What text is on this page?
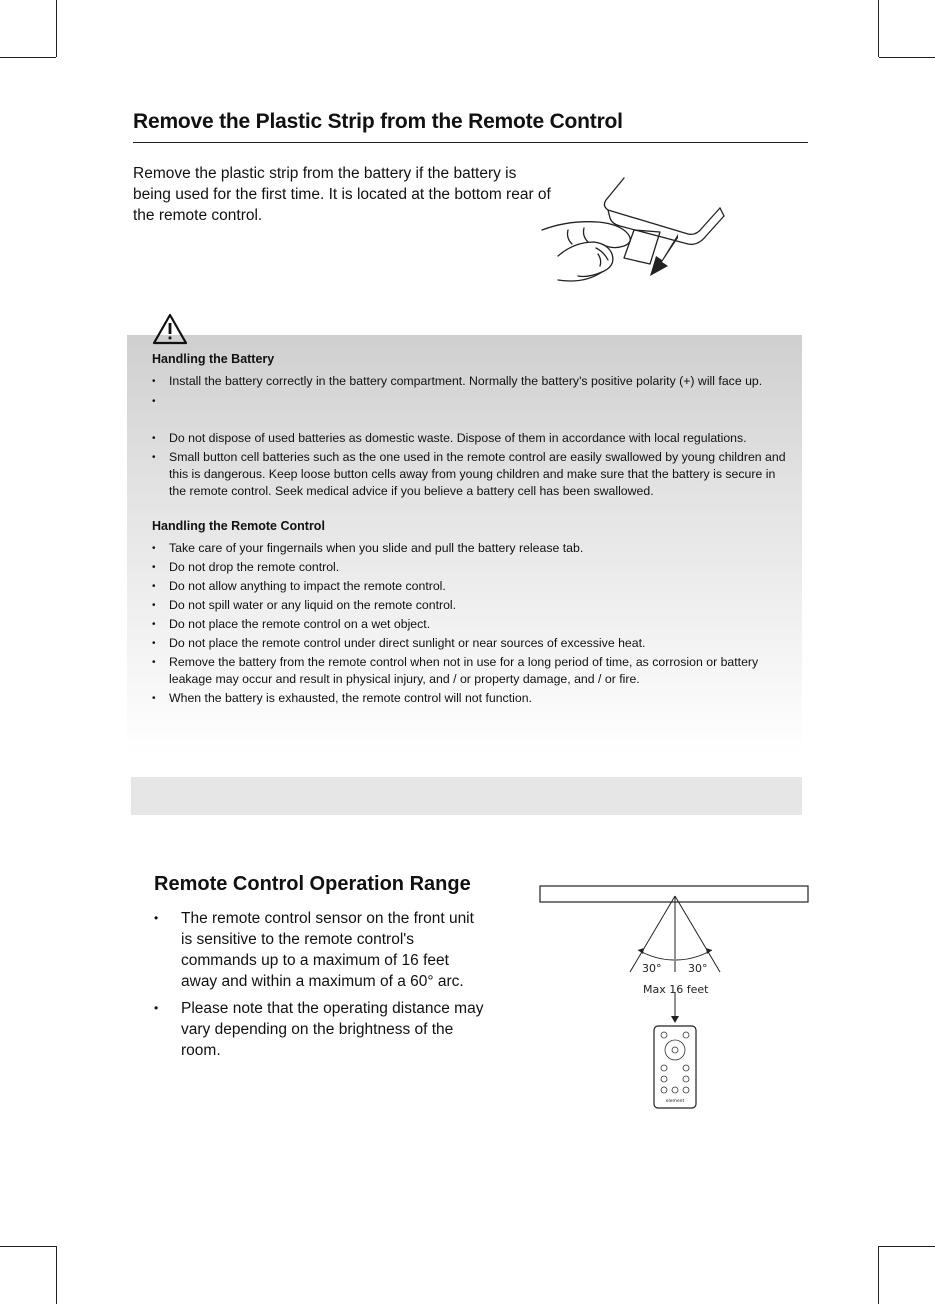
Remove the Plastic Strip from the Remote Control
Remove the plastic strip from the battery if the battery is being used for the first time. It is located at the bottom rear of the remote control.
Handling the Battery
• Install the battery correctly in the battery compartment. Normally the battery's positive polarity (+) will face up.
•
• Do not dispose of used batteries as domestic waste. Dispose of them in accordance with local regulations.
• Small button cell batteries such as the one used in the remote control are easily swallowed by young children and this is dangerous. Keep loose button cells away from young children and make sure that the battery is secure in the remote control. Seek medical advice if you believe a battery cell has been swallowed.
Handling the Remote Control
• Take care of your fingernails when you slide and pull the battery release tab.
• Do not drop the remote control.
• Do not allow anything to impact the remote control.
• Do not spill water or any liquid on the remote control.
• Do not place the remote control on a wet object.
• Do not place the remote control under direct sunlight or near sources of excessive heat.
• Remove the battery from the remote control when not in use for a long period of time, as corrosion or battery leakage may occur and result in physical injury, and / or property damage, and / or fire.
• When the battery is exhausted, the remote control will not function.
Remote Control Operation Range
• The remote control sensor on the front unit is sensitive to the remote control's commands up to a maximum of 16 feet away and within a maximum of a 60° arc.
• Please note that the operating distance may vary depending on the brightness of the room.
30° 30°
Max 16 feet
element
